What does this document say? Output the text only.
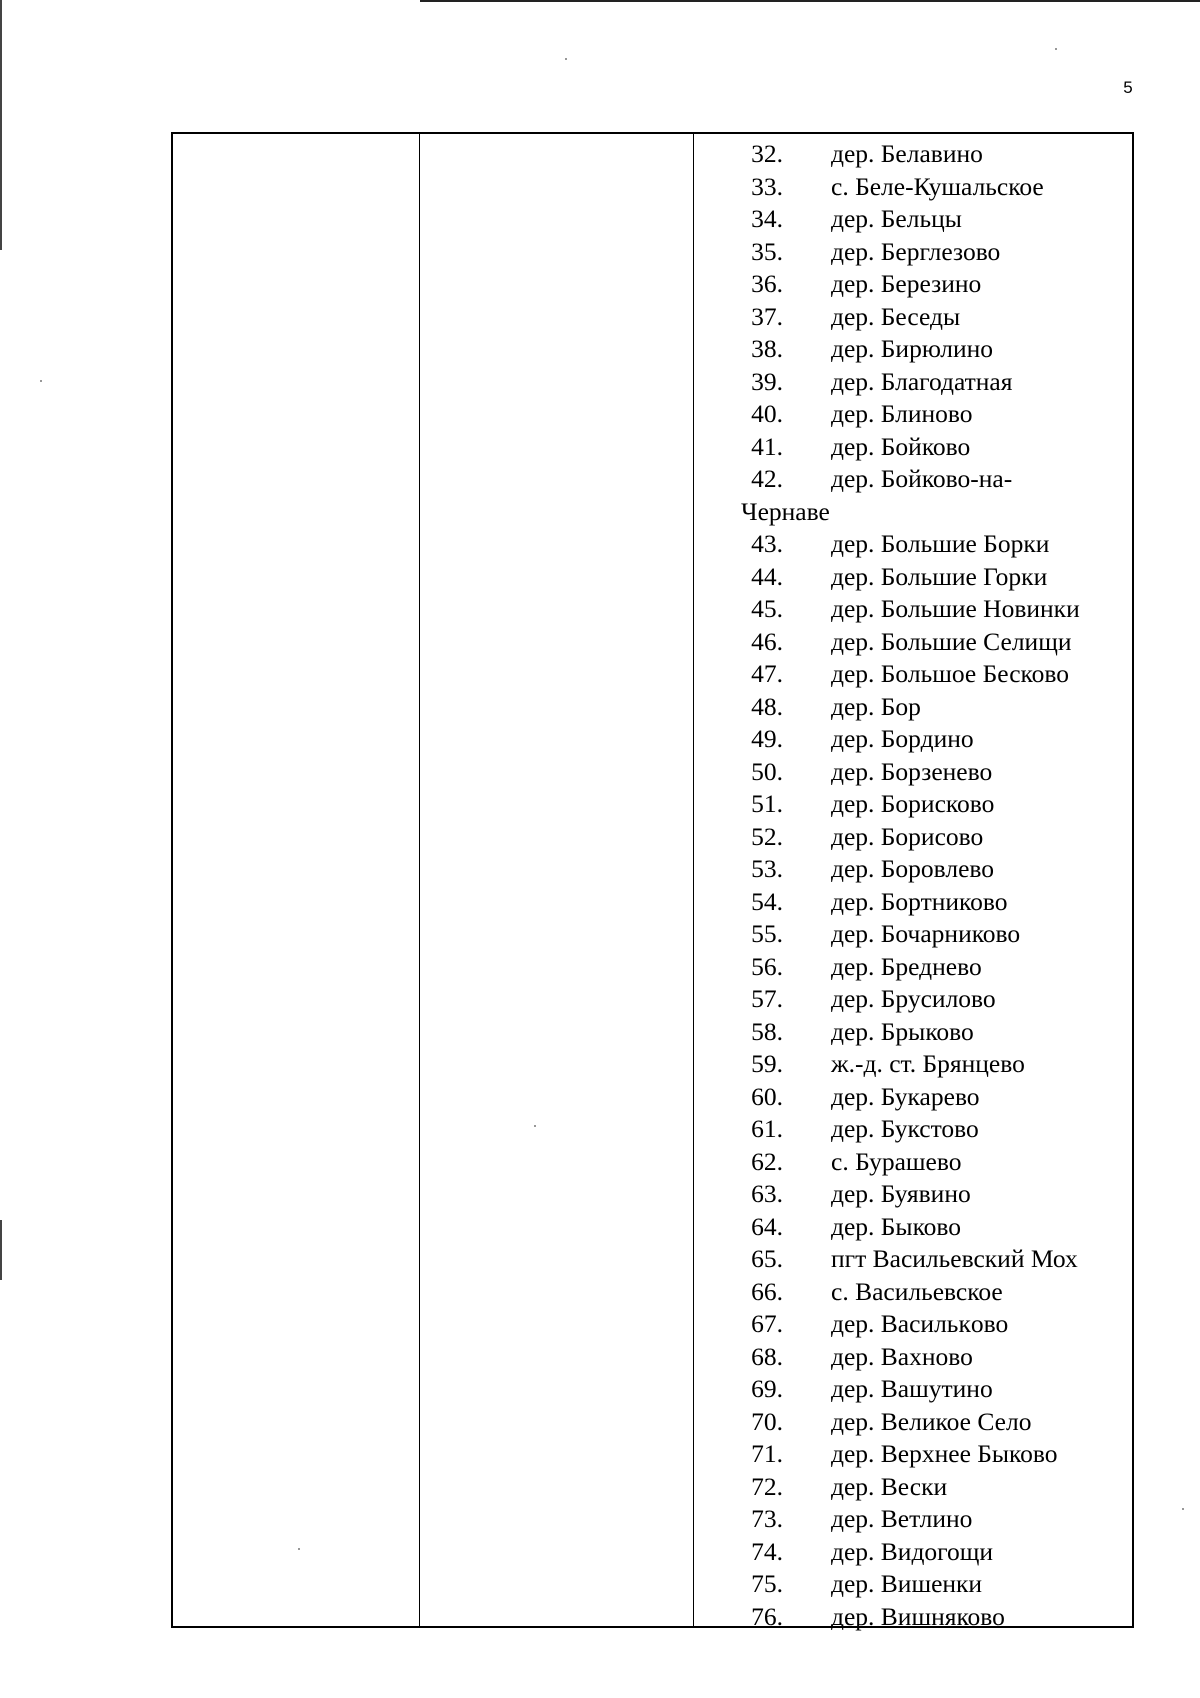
5
32. дер. Белавино
33. с. Беле-Кушальское
34. дер. Бельцы
35. дер. Берглезово
36. дер. Березино
37. дер. Беседы
38. дер. Бирюлино
39. дер. Благодатная
40. дер. Блиново
41. дер. Бойково
42. дер. Бойково-на-
Чернаве
43. дер. Большие Борки
44. дер. Большие Горки
45. дер. Большие Новинки
46. дер. Большие Селищи
47. дер. Большое Бесково
48. дер. Бор
49. дер. Бордино
50. дер. Борзенево
51. дер. Борисково
52. дер. Борисово
53. дер. Боровлево
54. дер. Бортниково
55. дер. Бочарниково
56. дер. Бреднево
57. дер. Брусилово
58. дер. Брыково
59. ж.-д. ст. Брянцево
60. дер. Букарево
61. дер. Букстово
62. с. Бурашево
63. дер. Буявино
64. дер. Быково
65. пгт Васильевский Мох
66. с. Васильевское
67. дер. Василькoво
68. дер. Вахново
69. дер. Вашутино
70. дер. Великое Село
71. дер. Верхнее Быково
72. дер. Вески
73. дер. Ветлино
74. дер. Видогощи
75. дер. Вишенки
76. дер. Вишняково
